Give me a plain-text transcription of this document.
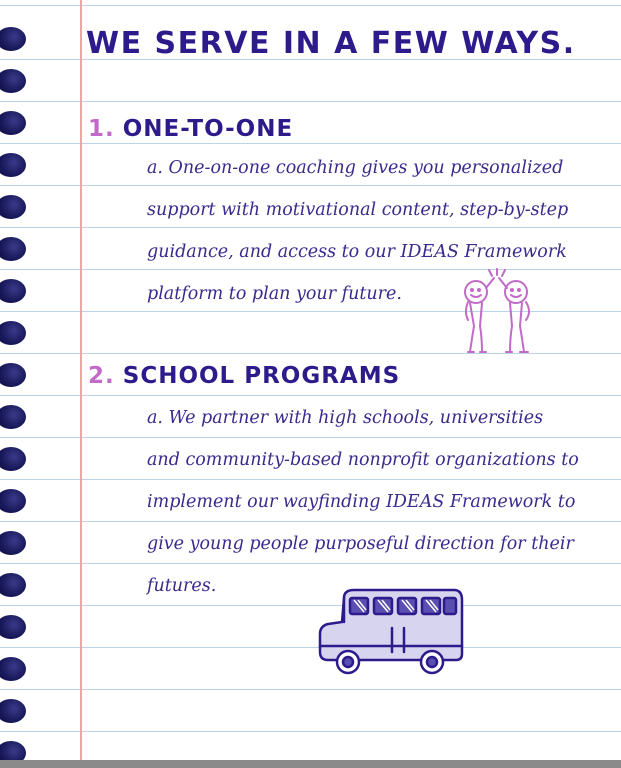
WE SERVE IN A FEW WAYS.
1. ONE-TO-ONE
a. One-on-one coaching gives you personalized
support with motivational content, step-by-step
guidance, and access to our IDEAS Framework
platform to plan your future.
2. SCHOOL PROGRAMS
a. We partner with high schools, universities
and community-based nonprofit organizations to
implement our wayfinding IDEAS Framework to
give young people purposeful direction for their
futures.
